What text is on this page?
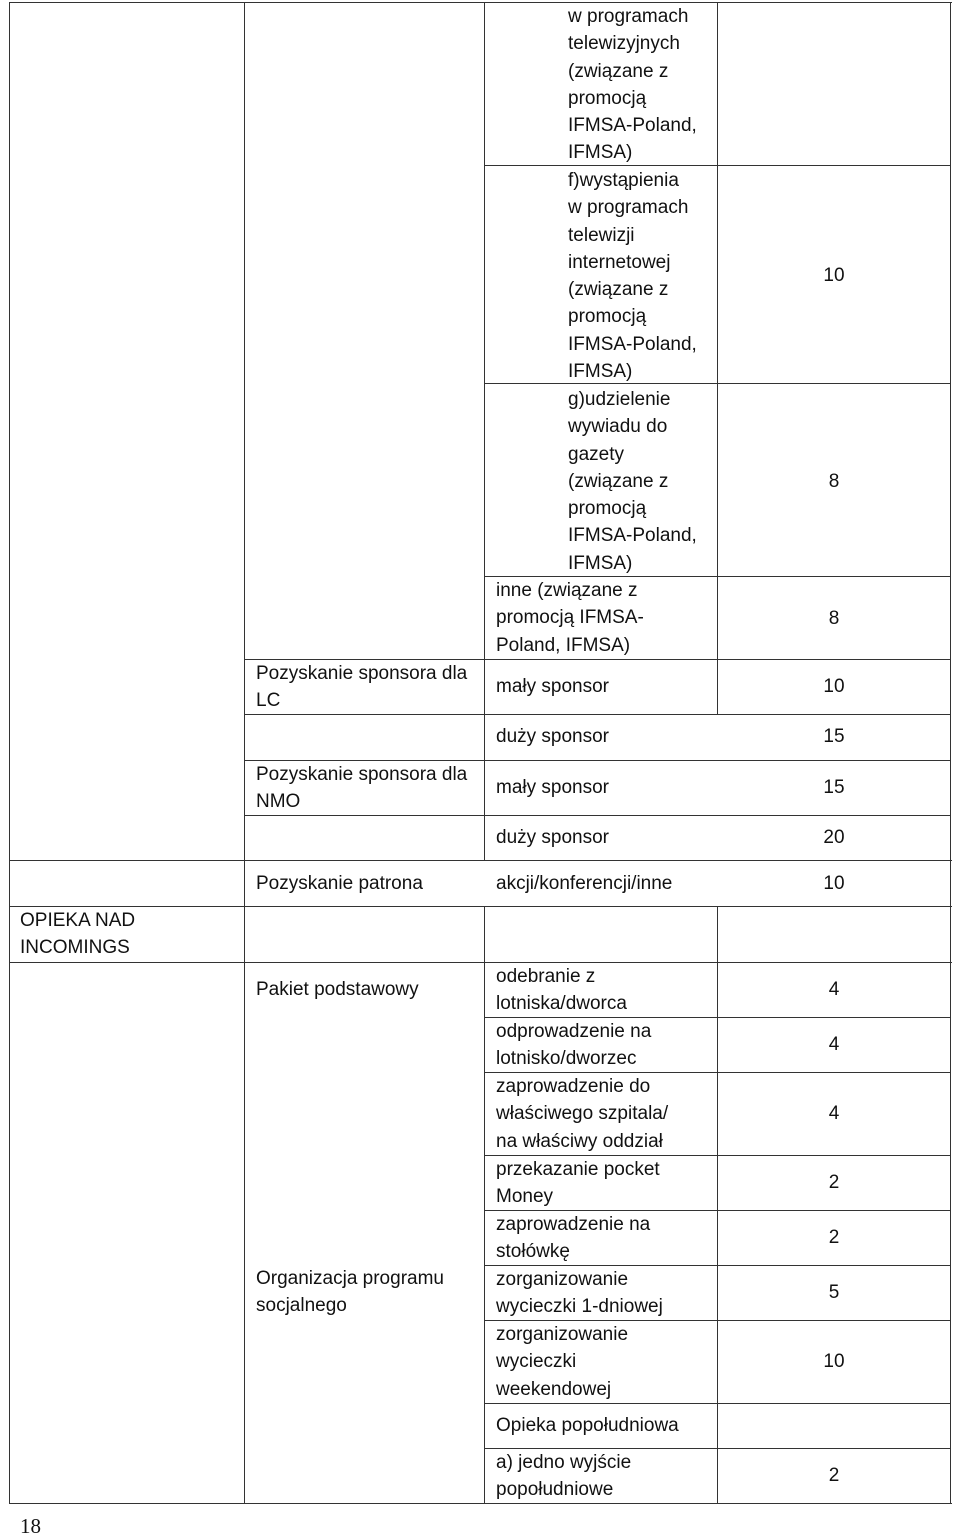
OPIEKA NAD
INCOMINGS
Pozyskanie sponsora dla
LC
Pozyskanie sponsora dla
NMO
Pozyskanie patrona
Pakiet podstawowy
Organizacja programu
socjalnego
w programach
telewizyjnych
(związane z
promocją
IFMSA-Poland,
IFMSA)
f)wystąpienia
w programach
telewizji
internetowej
(związane z
promocją
IFMSA-Poland,
IFMSA)
g)udzielenie
wywiadu do
gazety
(związane z
promocją
IFMSA-Poland,
IFMSA)
inne (związane z
promocją IFMSA-
Poland, IFMSA)
mały sponsor
duży sponsor
mały sponsor
duży sponsor
akcji/konferencji/inne
odebranie z
lotniska/dworca
odprowadzenie na
lotnisko/dworzec
zaprowadzenie do
właściwego szpitala/
na właściwy oddział
przekazanie pocket
Money
zaprowadzenie na
stołówkę
zorganizowanie
wycieczki 1-dniowej
zorganizowanie
wycieczki
weekendowej
Opieka popołudniowa
a) jedno wyjście
popołudniowe
10
8
8
10
15
15
20
10
4
4
4
2
2
5
10
2
18
